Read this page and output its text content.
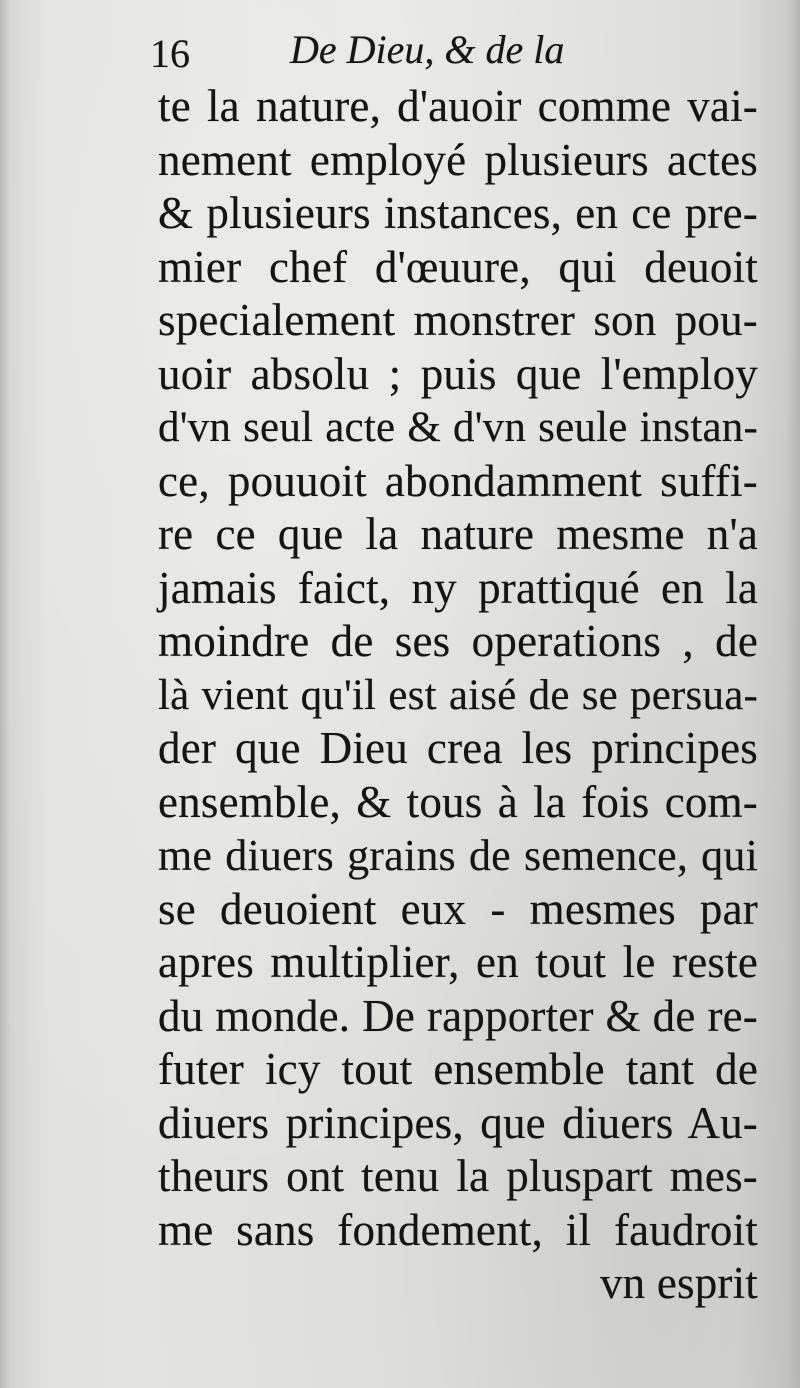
16	De Dieu, & de la
te la nature, d'auoir comme vai-
nement employé plusieurs actes
& plusieurs instances, en ce pre-
mier chef d'œuure, qui deuoit
specialement monstrer son pou-
uoir absolu ; puis que l'employ
d'vn seul acte & d'vn seule instan-
ce, pouuoit abondamment suffi-
re ce que la nature mesme n'a
jamais faict, ny prattiqué en la
moindre de ses operations , de
là vient qu'il est aisé de se persua-
der que Dieu crea les principes
ensemble, & tous à la fois com-
me diuers grains de semence, qui
se deuoient eux - mesmes par
apres multiplier, en tout le reste
du monde. De rapporter & de re-
futer icy tout ensemble tant de
diuers principes, que diuers Au-
theurs ont tenu la pluspart mes-
me sans fondement, il faudroit
vn esprit
